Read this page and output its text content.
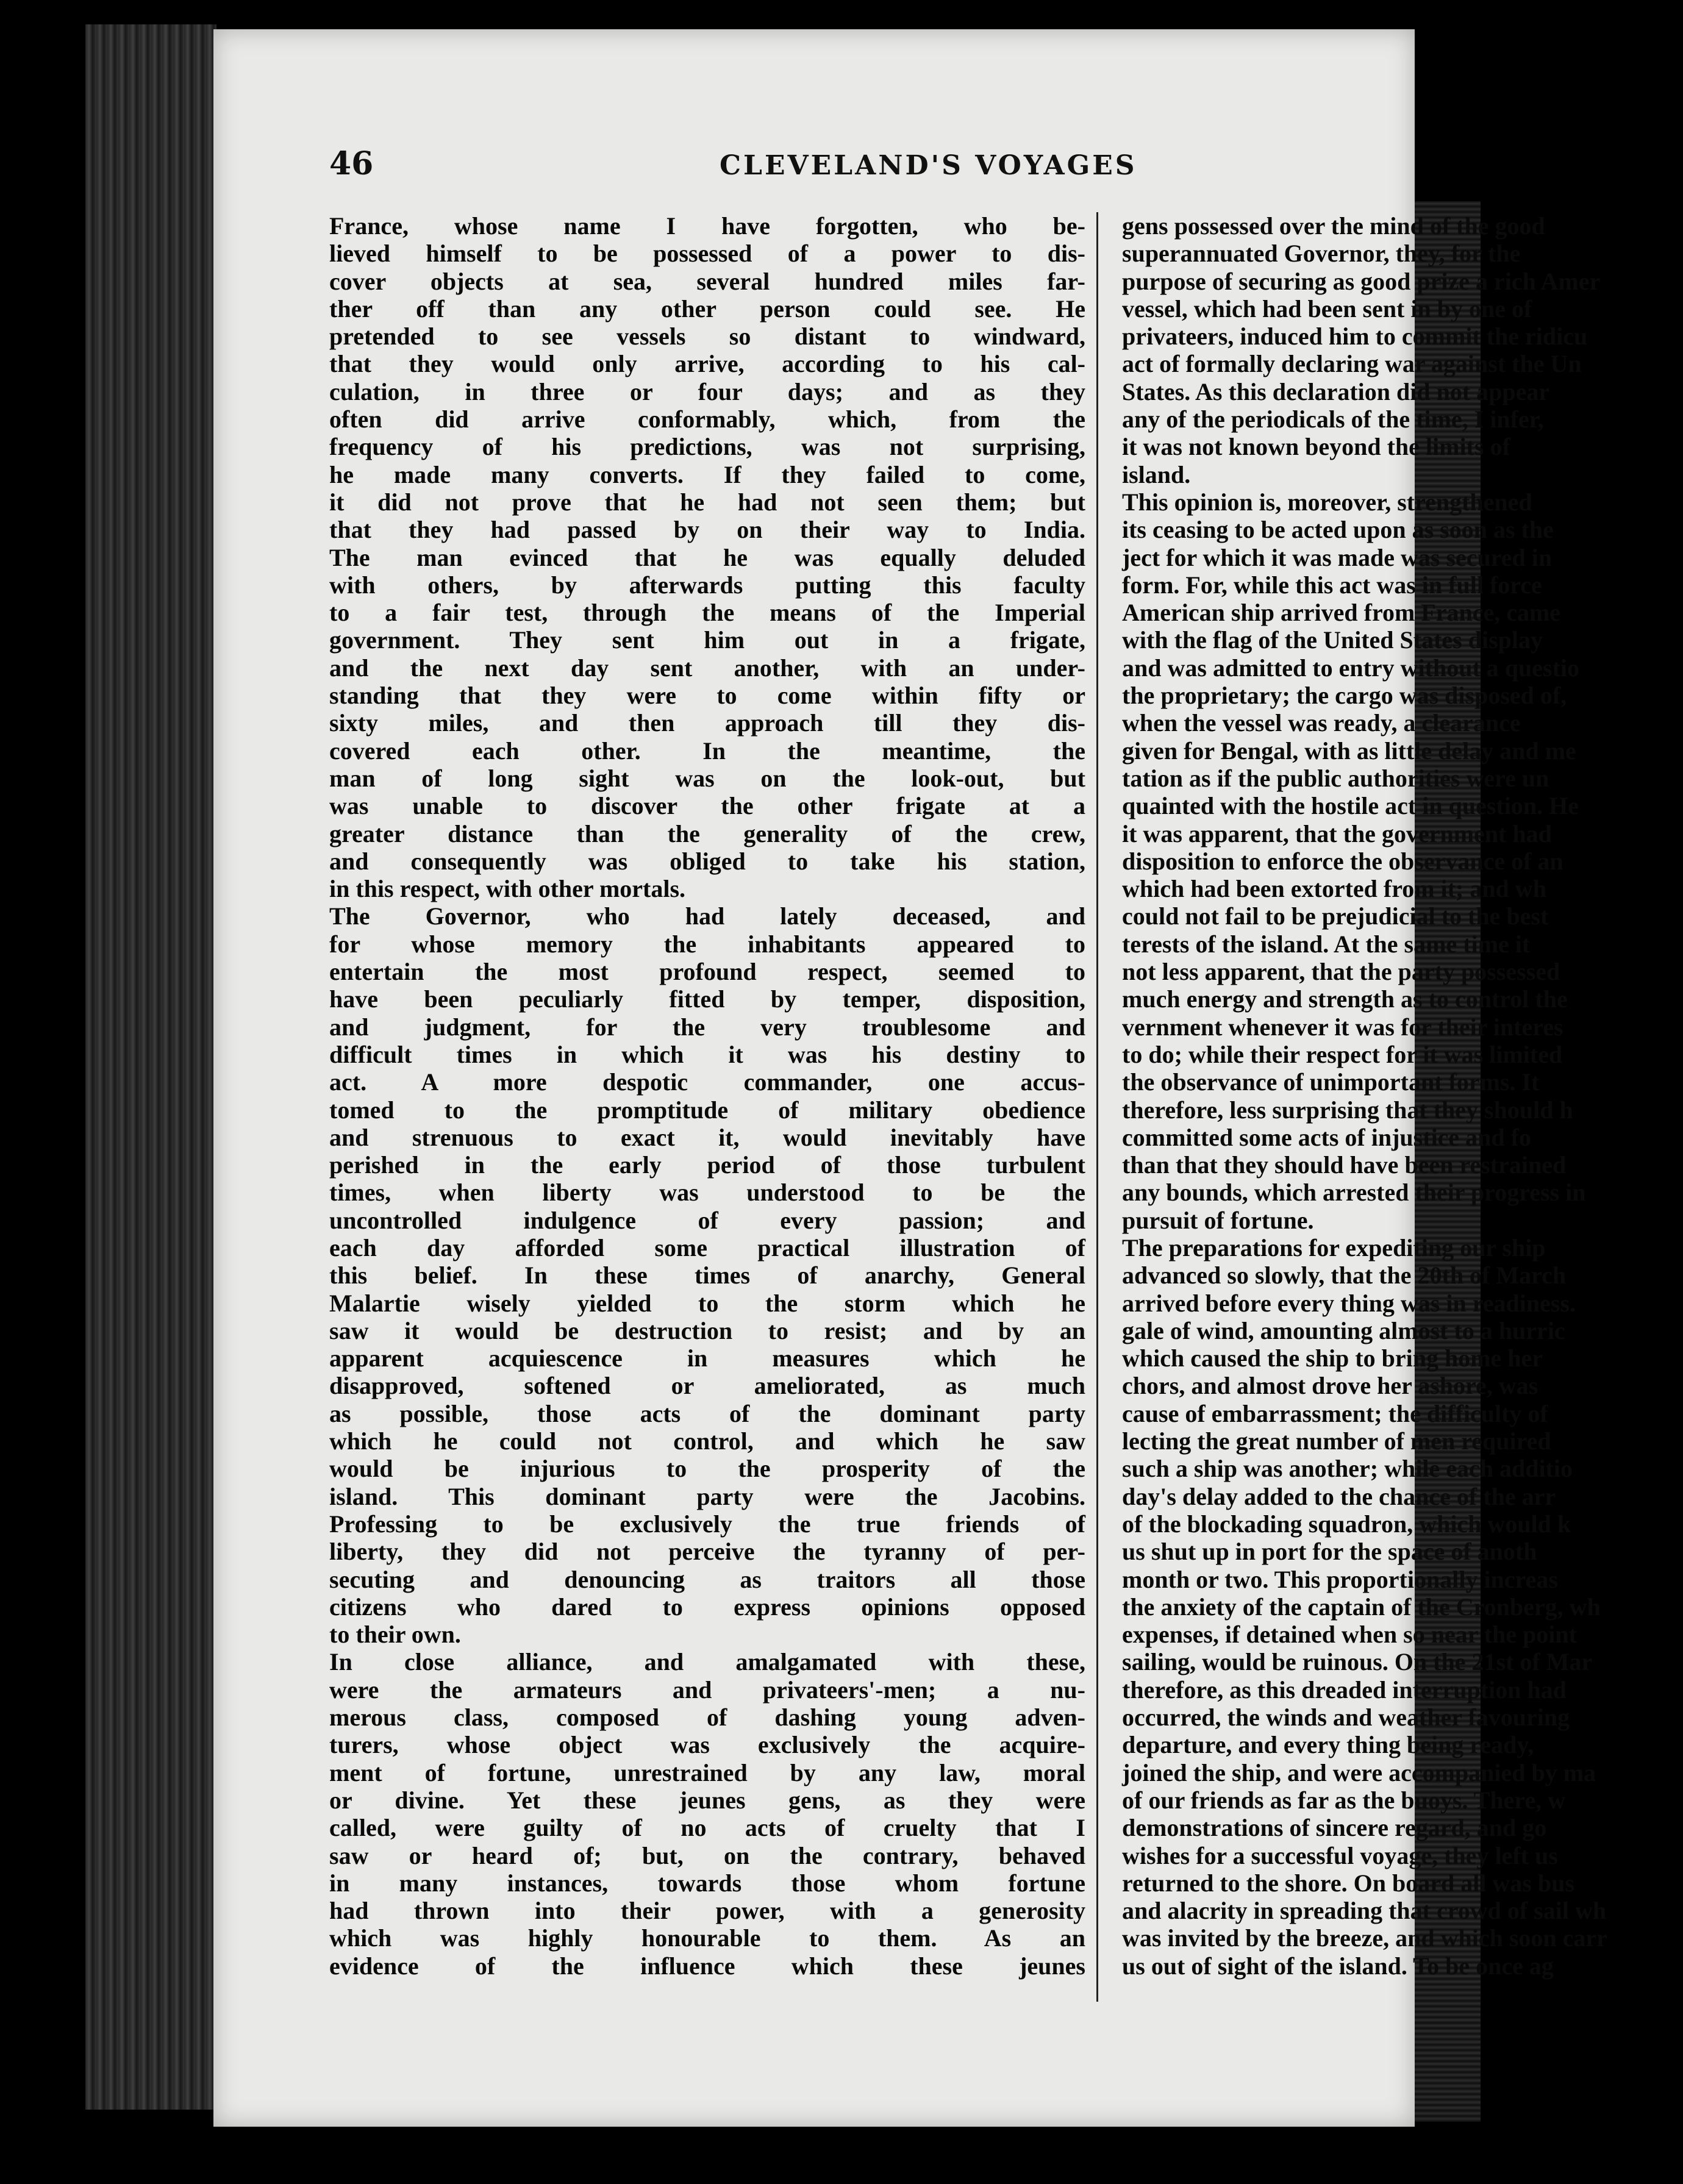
46	CLEVELAND'S VOYAGES
France, whose name I have forgotten, who be-
lieved himself to be possessed of a power to dis-
cover objects at sea, several hundred miles far-
ther off than any other person could see. He
pretended to see vessels so distant to windward,
that they would only arrive, according to his cal-
culation, in three or four days; and as they
often did arrive conformably, which, from the
frequency of his predictions, was not surprising,
he made many converts. If they failed to come,
it did not prove that he had not seen them; but
that they had passed by on their way to India.
The man evinced that he was equally deluded
with others, by afterwards putting this faculty
to a fair test, through the means of the Imperial
government. They sent him out in a frigate,
and the next day sent another, with an under-
standing that they were to come within fifty or
sixty miles, and then approach till they dis-
covered each other. In the meantime, the
man of long sight was on the look-out, but
was unable to discover the other frigate at a
greater distance than the generality of the crew,
and consequently was obliged to take his station,
in this respect, with other mortals.
The Governor, who had lately deceased, and
for whose memory the inhabitants appeared to
entertain the most profound respect, seemed to
have been peculiarly fitted by temper, disposition,
and judgment, for the very troublesome and
difficult times in which it was his destiny to
act. A more despotic commander, one accus-
tomed to the promptitude of military obedience
and strenuous to exact it, would inevitably have
perished in the early period of those turbulent
times, when liberty was understood to be the
uncontrolled indulgence of every passion; and
each day afforded some practical illustration of
this belief. In these times of anarchy, General
Malartie wisely yielded to the storm which he
saw it would be destruction to resist; and by an
apparent acquiescence in measures which he
disapproved, softened or ameliorated, as much
as possible, those acts of the dominant party
which he could not control, and which he saw
would be injurious to the prosperity of the
island. This dominant party were the Jacobins.
Professing to be exclusively the true friends of
liberty, they did not perceive the tyranny of per-
secuting and denouncing as traitors all those
citizens who dared to express opinions opposed
to their own.
In close alliance, and amalgamated with these,
were the armateurs and privateers'-men; a nu-
merous class, composed of dashing young adven-
turers, whose object was exclusively the acquire-
ment of fortune, unrestrained by any law, moral
or divine. Yet these jeunes gens, as they were
called, were guilty of no acts of cruelty that I
saw or heard of; but, on the contrary, behaved
in many instances, towards those whom fortune
had thrown into their power, with a generosity
which was highly honourable to them. As an
evidence of the influence which these jeunes
gens possessed over the mind of the good
superannuated Governor, they, for the
purpose of securing as good prize a rich Amer
vessel, which had been sent in by one of
privateers, induced him to commit the ridicu
act of formally declaring war against the Un
States. As this declaration did not appear
any of the periodicals of the time, I infer,
it was not known beyond the limits of
island.
This opinion is, moreover, strengthened
its ceasing to be acted upon as soon as the
ject for which it was made was secured in
form. For, while this act was in full force
American ship arrived from France, came
with the flag of the United States display
and was admitted to entry without a questio
the proprietary; the cargo was disposed of,
when the vessel was ready, a clearance
given for Bengal, with as little delay and me
tation as if the public authorities were un
quainted with the hostile act in question. He
it was apparent, that the government had
disposition to enforce the observance of an
which had been extorted from it; and wh
could not fail to be prejudicial to the best
terests of the island. At the same time it
not less apparent, that the party possessed
much energy and strength as to control the
vernment whenever it was for their interes
to do; while their respect for it was limited
the observance of unimportant forms. It
therefore, less surprising that they should h
committed some acts of injustice and fo
than that they should have been restrained
any bounds, which arrested their progress in
pursuit of fortune.
The preparations for expediting our ship
advanced so slowly, that the 20th of March
arrived before every thing was in readiness.
gale of wind, amounting almost to a hurric
which caused the ship to bring home her
chors, and almost drove her ashore, was
cause of embarrassment; the difficulty of
lecting the great number of men required
such a ship was another; while each additio
day's delay added to the chance of the arr
of the blockading squadron, which would k
us shut up in port for the space of anoth
month or two. This proportionally increas
the anxiety of the captain of the Cronberg, wh
expenses, if detained when so near the point
sailing, would be ruinous. On the 21st of Mar
therefore, as this dreaded interruption had
occurred, the winds and weather favouring
departure, and every thing being ready,
joined the ship, and were accompanied by ma
of our friends as far as the buoys. There, w
demonstrations of sincere regard, and go
wishes for a successful voyage, they left us
returned to the shore. On board all was bus
and alacrity in spreading that crowd of sail wh
was invited by the breeze, and which soon carr
us out of sight of the island. To be once ag
